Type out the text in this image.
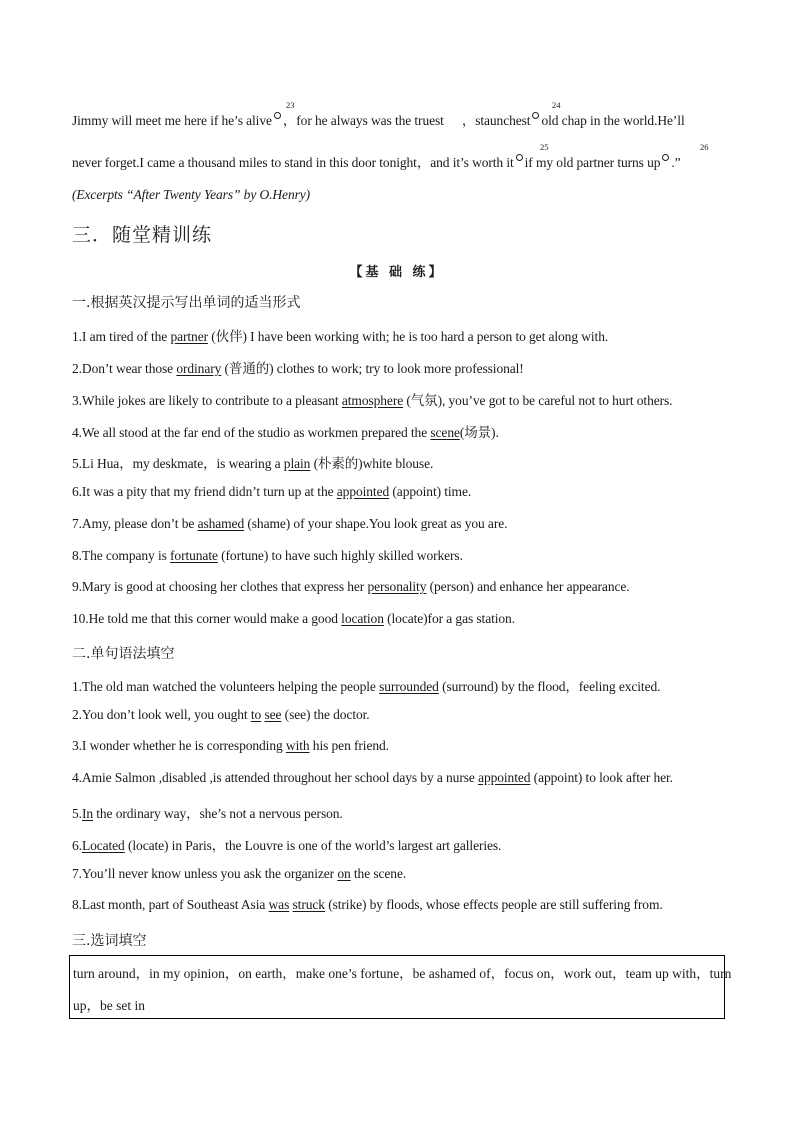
Jimmy will meet me here if he’s alive ，for he always was the truest ，staunchest old chap in the world.He’ll
23	24
never forget.I came a thousand miles to stand in this door tonight，and it’s worth it if my old partner turns up .”
25	26
(Excerpts “After Twenty Years” by O.Henry)
三．随堂精训练
【基 础 练】
一.根据英汉提示写出单词的适当形式
1.I am tired of the partner (伙伴) I have been working with; he is too hard a person to get along with.
2.Don’t wear those ordinary (普通的) clothes to work; try to look more professional!
3.While jokes are likely to contribute to a pleasant atmosphere (气氛), you’ve got to be careful not to hurt others.
4.We all stood at the far end of the studio as workmen prepared the scene(场景).
5.Li Hua，my deskmate，is wearing a plain (朴素的)white blouse.
6.It was a pity that my friend didn’t turn up at the appointed (appoint) time.
7.Amy, please don’t be ashamed (shame) of your shape.You look great as you are.
8.The company is fortunate (fortune) to have such highly skilled workers.
9.Mary is good at choosing her clothes that express her personality (person) and enhance her appearance.
10.He told me that this corner would make a good location (locate)for a gas station.
二.单句语法填空
1.The old man watched the volunteers helping the people surrounded (surround) by the flood，feeling excited.
2.You don’t look well, you ought to see (see) the doctor.
3.I wonder whether he is corresponding with his pen friend.
4.Amie Salmon ,disabled ,is attended throughout her school days by a nurse appointed (appoint) to look after her.
5.In the ordinary way，she’s not a nervous person.
6.Located (locate) in Paris，the Louvre is one of the world’s largest art galleries.
7.You’ll never know unless you ask the organizer on the scene.
8.Last month, part of Southeast Asia was struck (strike) by floods, whose effects people are still suffering from.
三.选词填空
turn around，in my opinion，on earth，make one’s fortune，be ashamed of，focus on，work out，team up with，turn
up，be set in
